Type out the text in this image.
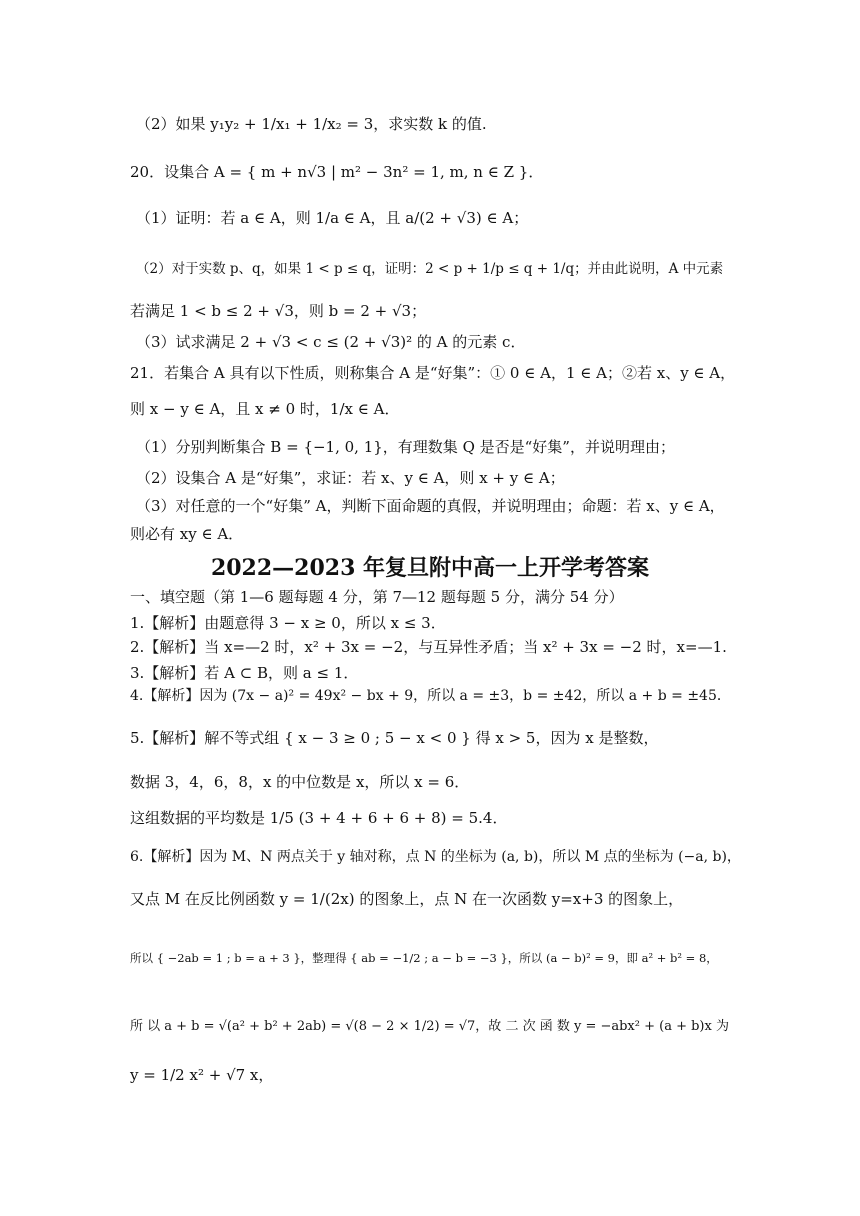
（2）如果 y₁y₂ + 1/x₁ + 1/x₂ = 3，求实数 k 的值.
20．设集合 A = { m + n√3 | m² − 3n² = 1, m, n ∈ Z }．
（1）证明：若 a ∈ A，则 1/a ∈ A，且 a/(2 + √3) ∈ A；
（2）对于实数 p、q，如果 1 < p ≤ q，证明：2 < p + 1/p ≤ q + 1/q；并由此说明，A 中元素
若满足 1 < b ≤ 2 + √3，则 b = 2 + √3；
（3）试求满足 2 + √3 < c ≤ (2 + √3)² 的 A 的元素 c．
21．若集合 A 具有以下性质，则称集合 A 是“好集”：① 0 ∈ A，1 ∈ A；②若 x、y ∈ A，
则 x − y ∈ A，且 x ≠ 0 时，1/x ∈ A．
（1）分别判断集合 B = {−1, 0, 1}，有理数集 Q 是否是“好集”，并说明理由；
（2）设集合 A 是“好集”，求证：若 x、y ∈ A，则 x + y ∈ A；
（3）对任意的一个“好集” A，判断下面命题的真假，并说明理由；命题：若 x、y ∈ A，
则必有 xy ∈ A．
2022—2023 年复旦附中高一上开学考答案
一、填空题（第 1—6 题每题 4 分，第 7—12 题每题 5 分，满分 54 分）
1.【解析】由题意得 3 − x ≥ 0，所以 x ≤ 3．
2.【解析】当 x=—2 时，x² + 3x = −2，与互异性矛盾；当 x² + 3x = −2 时，x=—1.
3.【解析】若 A ⊂ B，则 a ≤ 1．
4.【解析】因为 (7x − a)² = 49x² − bx + 9，所以 a = ±3，b = ±42，所以 a + b = ±45．
5.【解析】解不等式组 { x − 3 ≥ 0 ; 5 − x < 0 } 得 x > 5，因为 x 是整数，
数据 3，4，6，8，x 的中位数是 x，所以 x = 6．
这组数据的平均数是 1/5 (3 + 4 + 6 + 6 + 8) = 5.4．
6.【解析】因为 M、N 两点关于 y 轴对称，点 N 的坐标为 (a, b)，所以 M 点的坐标为 (−a, b)，
又点 M 在反比例函数 y = 1/(2x) 的图象上，点 N 在一次函数 y=x+3 的图象上，
所以 { −2ab = 1 ; b = a + 3 }，整理得 { ab = −1/2 ; a − b = −3 }，所以 (a − b)² = 9，即 a² + b² = 8，
所 以 a + b = √(a² + b² + 2ab) = √(8 − 2 × 1/2) = √7，故 二 次 函 数 y = −abx² + (a + b)x 为
y = 1/2 x² + √7 x，
